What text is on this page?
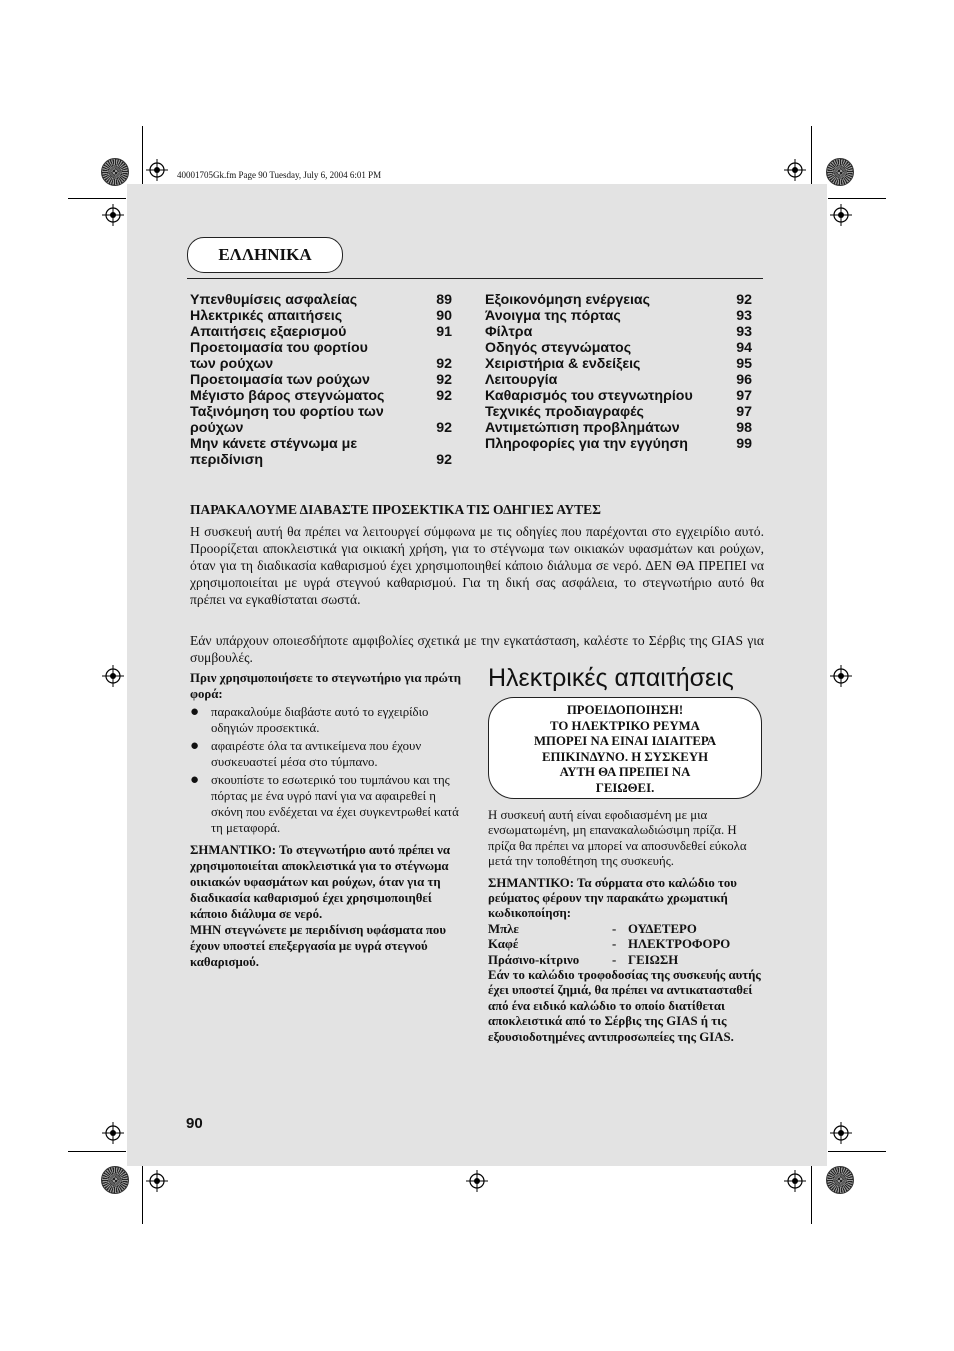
40001705Gk.fm Page 90 Tuesday, July 6, 2004 6:01 PM
ΕΛΛΗΝΙΚΑ
Υπενθυμίσεις ασφαλείας	89
Ηλεκτρικές απαιτήσεις	90
Απαιτήσεις εξαερισμού	91
Προετοιμασία του φορτίου
των ρούχων	92
Προετοιμασία των ρούχων	92
Μέγιστο βάρος στεγνώματος	92
Ταξινόμηση του φορτίου των
ρούχων	92
Μην κάνετε στέγνωμα με
περιδίνιση	92
Εξοικονόμηση ενέργειας	92
Άνοιγμα της πόρτας	93
Φίλτρα	93
Οδηγός στεγνώματος	94
Χειριστήρια & ενδείξεις	95
Λειτουργία	96
Καθαρισμός του στεγνωτηρίου	97
Τεχνικές προδιαγραφές	97
Αντιμετώπιση προβλημάτων	98
Πληροφορίες για την εγγύηση	99
ΠΑΡΑΚΑΛΟΥΜΕ ΔΙΑΒΑΣΤΕ ΠΡΟΣΕΚΤΙΚΑ ΤΙΣ ΟΔΗΓΙΕΣ ΑΥΤΕΣ
Η συσκευή αυτή θα πρέπει να λειτουργεί σύμφωνα με τις οδηγίες που παρέχονται στο εγχειρίδιο αυτό. Προορίζεται αποκλειστικά για οικιακή χρήση, για το στέγνωμα των οικιακών υφασμάτων και ρούχων, όταν για τη διαδικασία καθαρισμού έχει χρησιμοποιηθεί κάποιο διάλυμα σε νερό. ΔΕΝ ΘΑ ΠΡΕΠΕΙ να χρησιμοποιείται με υγρά στεγνού καθαρισμού. Για τη δική σας ασφάλεια, το στεγνωτήριο αυτό θα πρέπει να εγκαθίσταται σωστά.
Εάν υπάρχουν οποιεσδήποτε αμφιβολίες σχετικά με την εγκατάσταση, καλέστε το Σέρβις της GIAS για συμβουλές.
Πριν χρησιμοποιήσετε το στεγνωτήριο για πρώτη φορά:
● παρακαλούμε διαβάστε αυτό το εγχειρίδιο οδηγιών προσεκτικά.
● αφαιρέστε όλα τα αντικείμενα που έχουν συσκευαστεί μέσα στο τύμπανο.
● σκουπίστε το εσωτερικό του τυμπάνου και της πόρτας με ένα υγρό πανί για να αφαιρεθεί η σκόνη που ενδέχεται να έχει συγκεντρωθεί κατά τη μεταφορά.
ΣΗΜΑΝΤΙΚΟ: Το στεγνωτήριο αυτό πρέπει να χρησιμοποιείται αποκλειστικά για το στέγνωμα οικιακών υφασμάτων και ρούχων, όταν για τη διαδικασία καθαρισμού έχει χρησιμοποιηθεί κάποιο διάλυμα σε νερό.
ΜΗΝ στεγνώνετε με περιδίνιση υφάσματα που έχουν υποστεί επεξεργασία με υγρά στεγνού καθαρισμού.
Ηλεκτρικές απαιτήσεις
ΠΡΟΕΙΔΟΠΟΙΗΣΗ!
ΤΟ ΗΛΕΚΤΡΙΚΟ ΡΕΥΜΑ
ΜΠΟΡΕΙ ΝΑ ΕΙΝΑΙ ΙΔΙΑΙΤΕΡΑ
ΕΠΙΚΙΝΔΥΝΟ. Η ΣΥΣΚΕΥΗ
ΑΥΤΗ ΘΑ ΠΡΕΠΕΙ ΝΑ
ΓΕΙΩΘΕΙ.
Η συσκευή αυτή είναι εφοδιασμένη με μια ενσωματωμένη, μη επανακαλωδιώσιμη πρίζα. Η πρίζα θα πρέπει να μπορεί να αποσυνδεθεί εύκολα μετά την τοποθέτηση της συσκευής.
ΣΗΜΑΝΤΙΚΟ: Τα σύρματα στο καλώδιο του ρεύματος φέρουν την παρακάτω χρωματική κωδικοποίηση:
Μπλε	- ΟΥΔΕΤΕΡΟ
Καφέ	- ΗΛΕΚΤΡΟΦΟΡΟ
Πράσινο-κίτρινο	- ΓΕΙΩΣΗ
Εάν το καλώδιο τροφοδοσίας της συσκευής αυτής έχει υποστεί ζημιά, θα πρέπει να αντικατασταθεί από ένα ειδικό καλώδιο το οποίο διατίθεται αποκλειστικά από το Σέρβις της GIAS ή τις εξουσιοδοτημένες αντιπροσωπείες της GIAS.
90
